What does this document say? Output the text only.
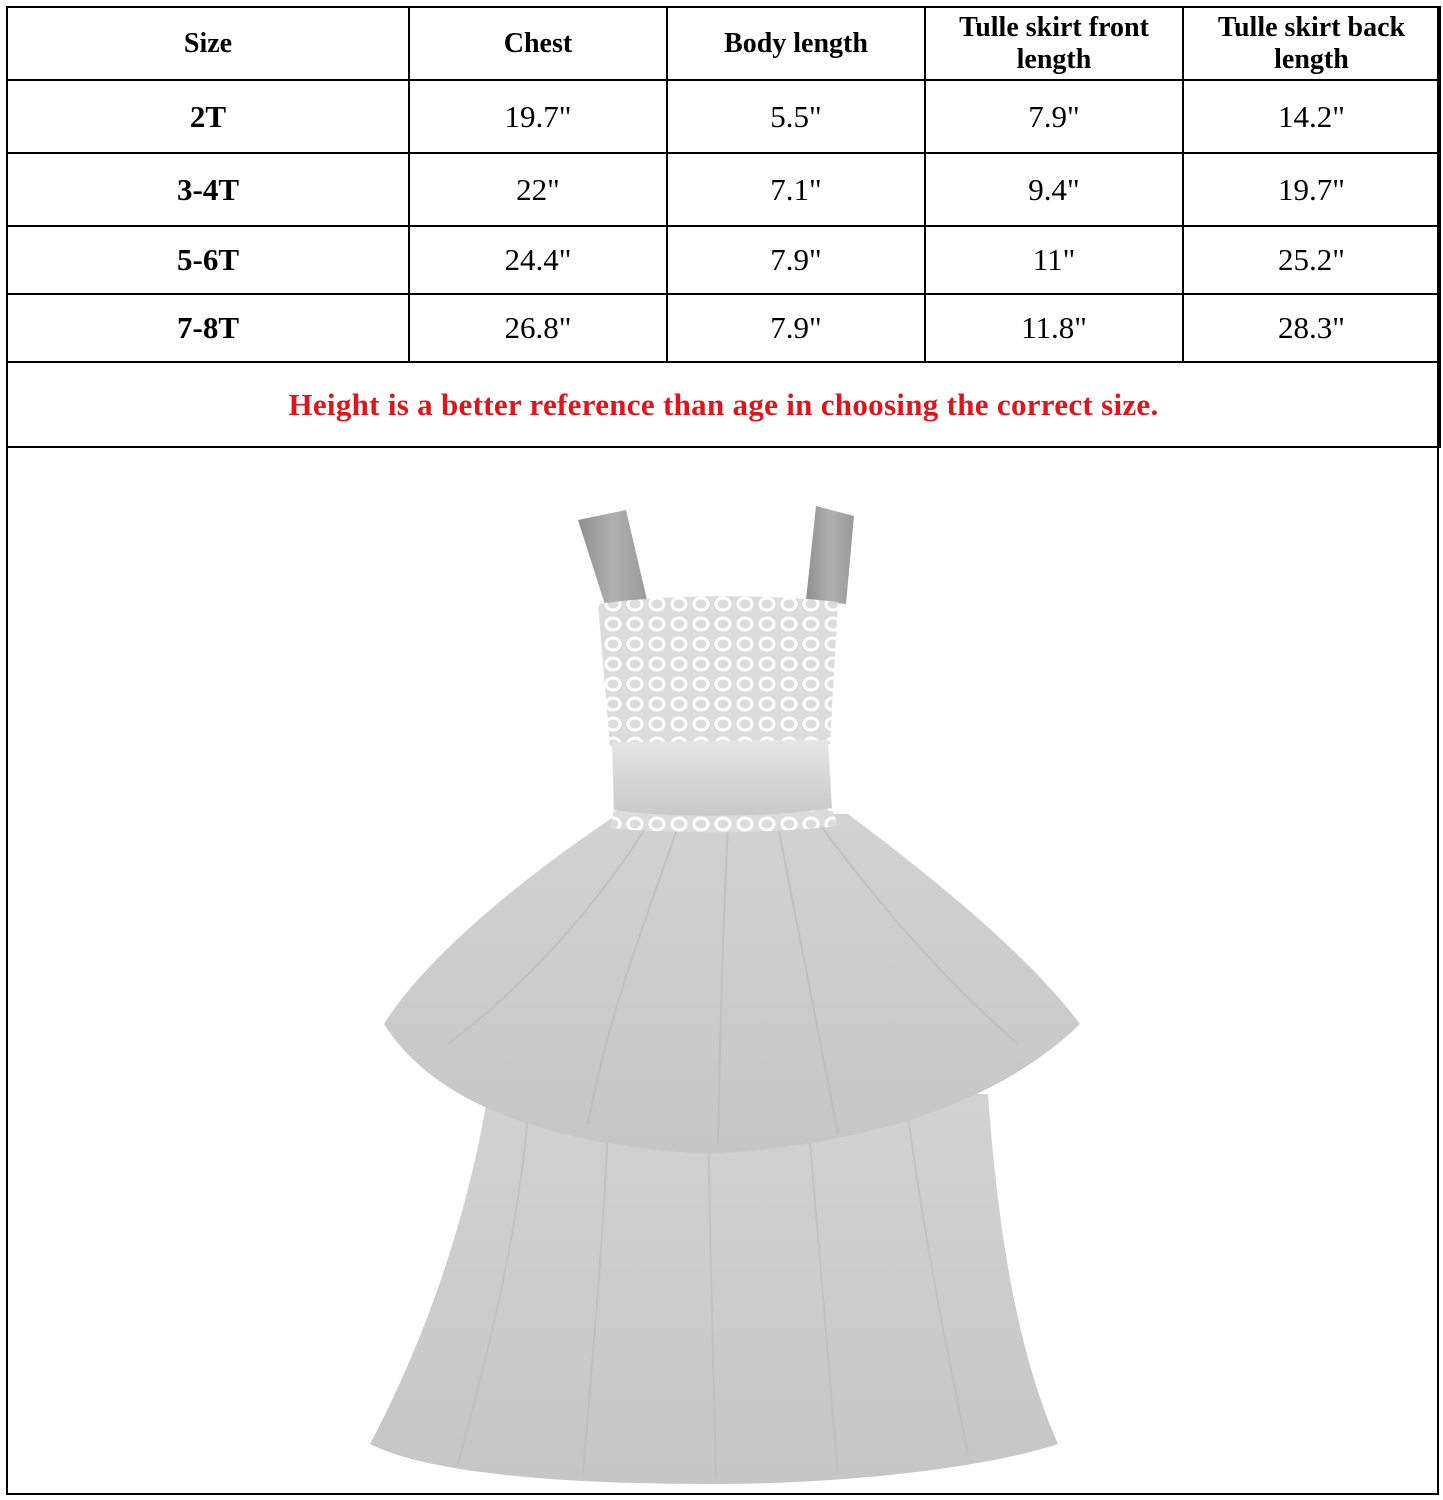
Size	Chest	Body length	Tulle skirt front length	Tulle skirt back length
2T	19.7"	5.5"	7.9"	14.2"
3-4T	22"	7.1"	9.4"	19.7"
5-6T	24.4"	7.9"	11"	25.2"
7-8T	26.8"	7.9"	11.8"	28.3"
Height is a better reference than age in choosing the correct size.				
